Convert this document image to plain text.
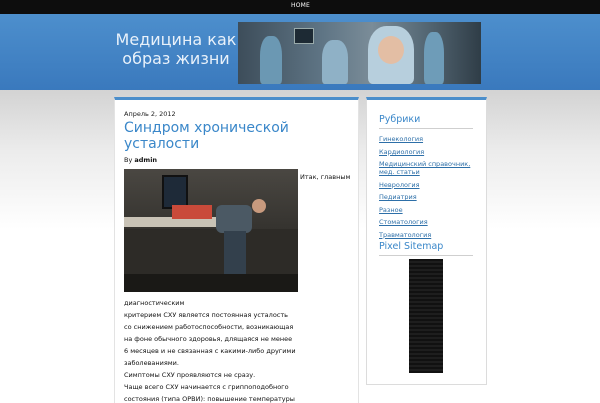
HOME
Медицина как образ жизни
Апрель 2, 2012
Синдром хронической усталости
By admin
Итак, главным

диагностическим

критерием СХУ является постоянная усталость

со снижением работоспособности, возникающая

на фоне обычного здоровья, длящаяся не менее

6 месяцев и не связанная с какими-либо другими

заболеваниями.

Симптомы СХУ проявляются не сразу.

Чаще всего СХУ начинается с гриппоподобного

состояния (типа ОРВИ): повышение температуры

Рубрики
Гинекология
Кардиология
Медицинский справочник, мед. статьи
Неврология
Педиатрия
Разное
Стоматология
Травматология
Pixel Sitemap
